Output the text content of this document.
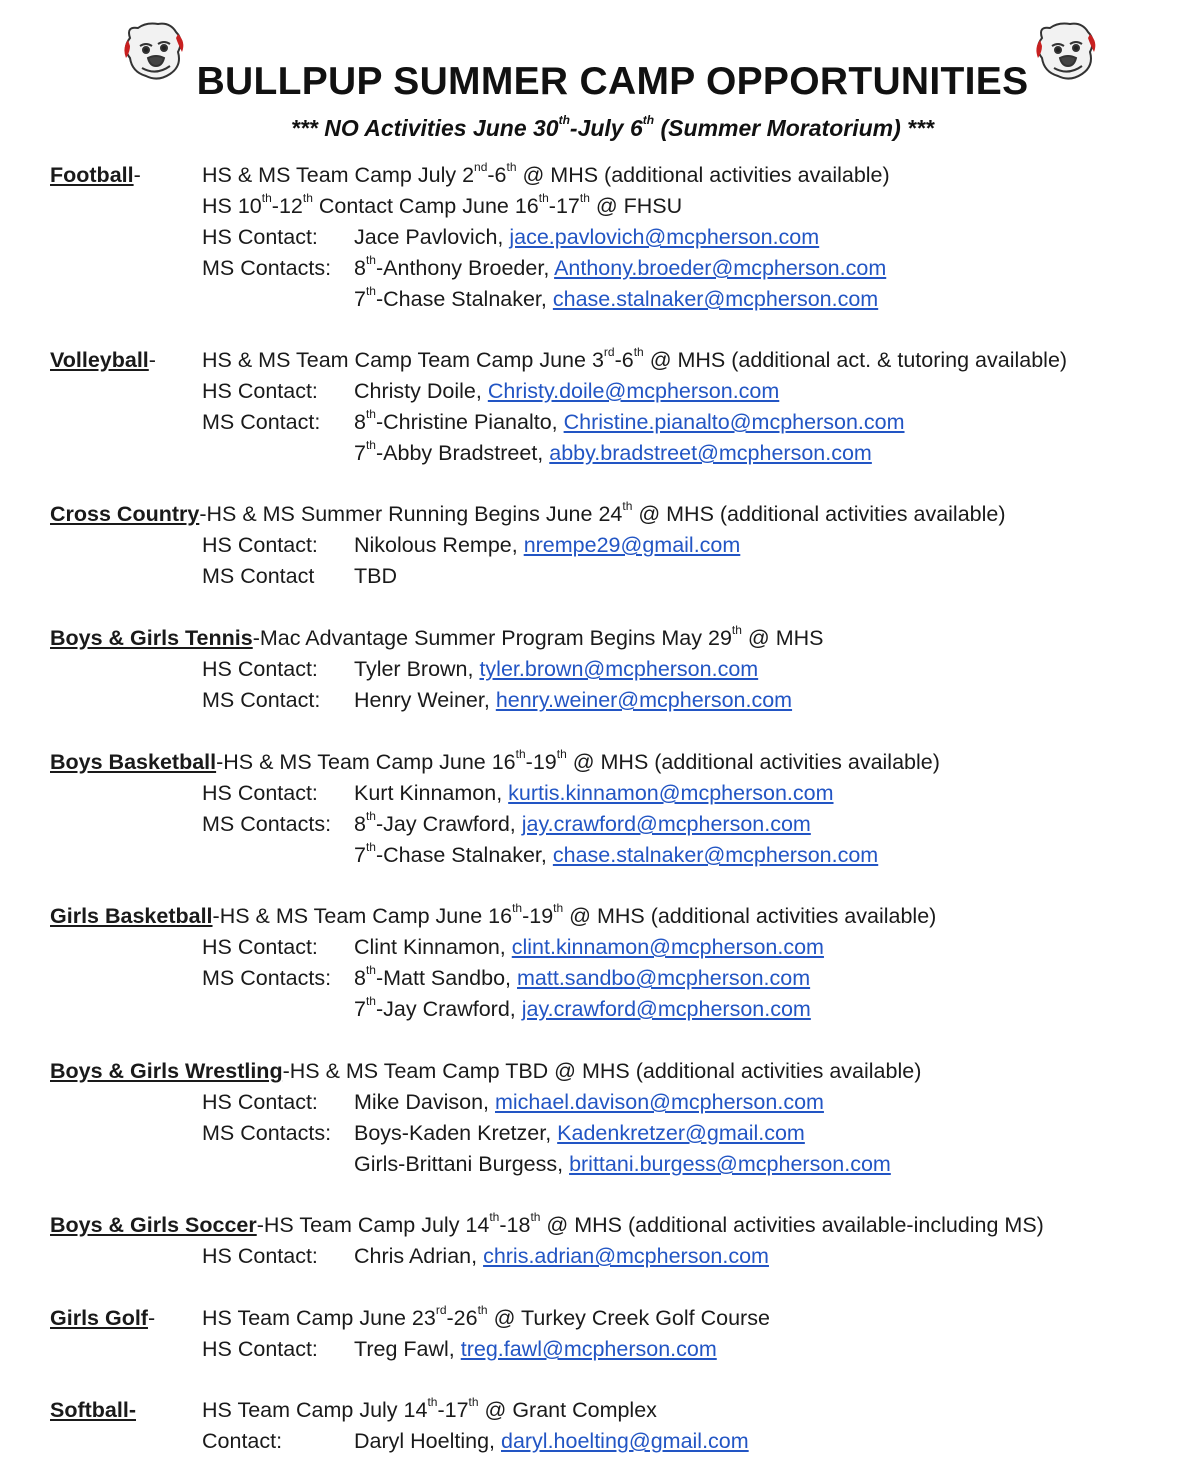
BULLPUP SUMMER CAMP OPPORTUNITIES
*** NO Activities June 30th-July 6th (Summer Moratorium) ***
Football-	HS & MS Team Camp July 2nd-6th @ MHS (additional activities available)
HS 10th-12th Contact Camp June 16th-17th @ FHSU
HS Contact: Jace Pavlovich, jace.pavlovich@mcpherson.com
MS Contacts: 8th-Anthony Broeder, Anthony.broeder@mcpherson.com
7th-Chase Stalnaker, chase.stalnaker@mcpherson.com
Volleyball- HS & MS Team Camp Team Camp June 3rd-6th @ MHS (additional act. & tutoring available)
HS Contact: Christy Doile, Christy.doile@mcpherson.com
MS Contact: 8th-Christine Pianalto, Christine.pianalto@mcpherson.com
7th-Abby Bradstreet, abby.bradstreet@mcpherson.com
Cross Country-HS & MS Summer Running Begins June 24th @ MHS (additional activities available)
HS Contact: Nikolous Rempe, nrempe29@gmail.com
MS Contact TBD
Boys & Girls Tennis-Mac Advantage Summer Program Begins May 29th @ MHS
HS Contact: Tyler Brown, tyler.brown@mcpherson.com
MS Contact: Henry Weiner, henry.weiner@mcpherson.com
Boys Basketball-HS & MS Team Camp June 16th-19th @ MHS (additional activities available)
HS Contact: Kurt Kinnamon, kurtis.kinnamon@mcpherson.com
MS Contacts: 8th-Jay Crawford, jay.crawford@mcpherson.com
7th-Chase Stalnaker, chase.stalnaker@mcpherson.com
Girls Basketball-HS & MS Team Camp June 16th-19th @ MHS (additional activities available)
HS Contact: Clint Kinnamon, clint.kinnamon@mcpherson.com
MS Contacts: 8th-Matt Sandbo, matt.sandbo@mcpherson.com
7th-Jay Crawford, jay.crawford@mcpherson.com
Boys & Girls Wrestling-HS & MS Team Camp TBD @ MHS (additional activities available)
HS Contact: Mike Davison, michael.davison@mcpherson.com
MS Contacts: Boys-Kaden Kretzer, Kadenkretzer@gmail.com
Girls-Brittani Burgess, brittani.burgess@mcpherson.com
Boys & Girls Soccer-HS Team Camp July 14th-18th @ MHS (additional activities available-including MS)
HS Contact: Chris Adrian, chris.adrian@mcpherson.com
Girls Golf- HS Team Camp June 23rd-26th @ Turkey Creek Golf Course
HS Contact: Treg Fawl, treg.fawl@mcpherson.com
Softball-	HS Team Camp July 14th-17th @ Grant Complex
Contact:	Daryl Hoelting, daryl.hoelting@gmail.com
